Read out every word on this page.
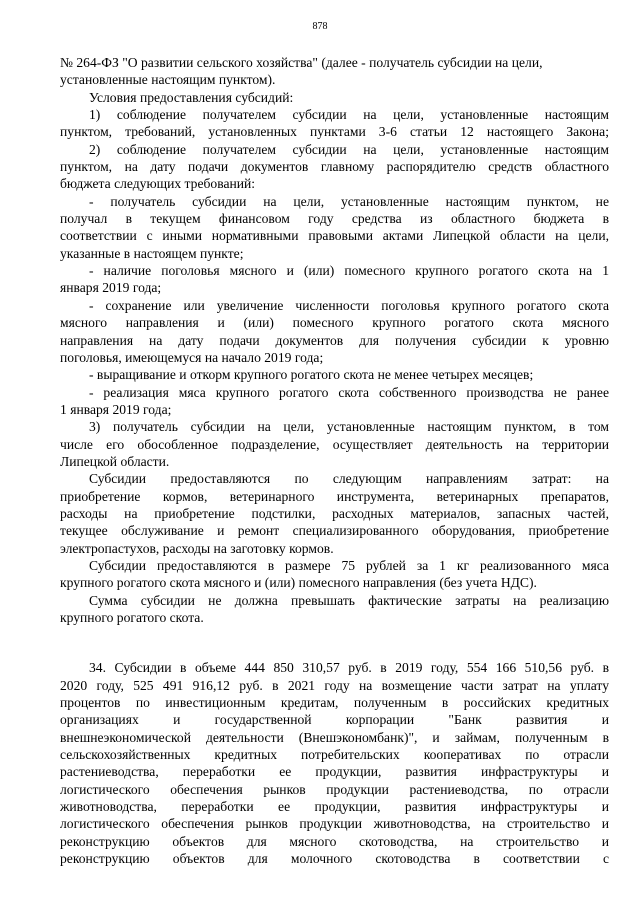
878

№ 264-ФЗ "О развитии сельского хозяйства" (далее - получатель субсидии на цели,

установленные настоящим пунктом).

Условия предоставления субсидий:

1) соблюдение получателем субсидии на цели, установленные настоящим

пунктом, требований, установленных пунктами 3-6 статьи 12 настоящего Закона;

2) соблюдение получателем субсидии на цели, установленные настоящим

пунктом, на дату подачи документов главному распорядителю средств областного

бюджета следующих требований:

- получатель субсидии на цели, установленные настоящим пунктом, не

получал в текущем финансовом году средства из областного бюджета в

соответствии с иными нормативными правовыми актами Липецкой области на цели,

указанные в настоящем пункте;

- наличие поголовья мясного и (или) помесного крупного рогатого скота на 1

января 2019 года;

- сохранение или увеличение численности поголовья крупного рогатого скота

мясного направления и (или) помесного крупного рогатого скота мясного

направления на дату подачи документов для получения субсидии к уровню

поголовья, имеющемуся на начало 2019 года;

- выращивание и откорм крупного рогатого скота не менее четырех месяцев;

- реализация мяса крупного рогатого скота собственного производства не ранее

1 января 2019 года;

3) получатель субсидии на цели, установленные настоящим пунктом, в том

числе его обособленное подразделение, осуществляет деятельность на территории

Липецкой области.

Субсидии предоставляются по следующим направлениям затрат: на

приобретение кормов, ветеринарного инструмента, ветеринарных препаратов,

расходы на приобретение подстилки, расходных материалов, запасных частей,

текущее обслуживание и ремонт специализированного оборудования, приобретение

электропастухов, расходы на заготовку кормов.

Субсидии предоставляются в размере 75 рублей за 1 кг реализованного мяса

крупного рогатого скота мясного и (или) помесного направления (без учета НДС).

Сумма субсидии не должна превышать фактические затраты на реализацию

крупного рогатого скота.

34. Субсидии в объеме 444 850 310,57 руб. в 2019 году, 554 166 510,56 руб. в

2020 году, 525 491 916,12 руб. в 2021 году на возмещение части затрат на уплату

процентов по инвестиционным кредитам, полученным в российских кредитных

организациях и государственной корпорации "Банк развития и

внешнеэкономической деятельности (Внешэкономбанк)", и займам, полученным в

сельскохозяйственных кредитных потребительских кооперативах по отрасли

растениеводства, переработки ее продукции, развития инфраструктуры и

логистического обеспечения рынков продукции растениеводства, по отрасли

животноводства, переработки ее продукции, развития инфраструктуры и

логистического обеспечения рынков продукции животноводства, на строительство и

реконструкцию объектов для мясного скотоводства, на строительство и

реконструкцию объектов для молочного скотоводства в соответствии с
